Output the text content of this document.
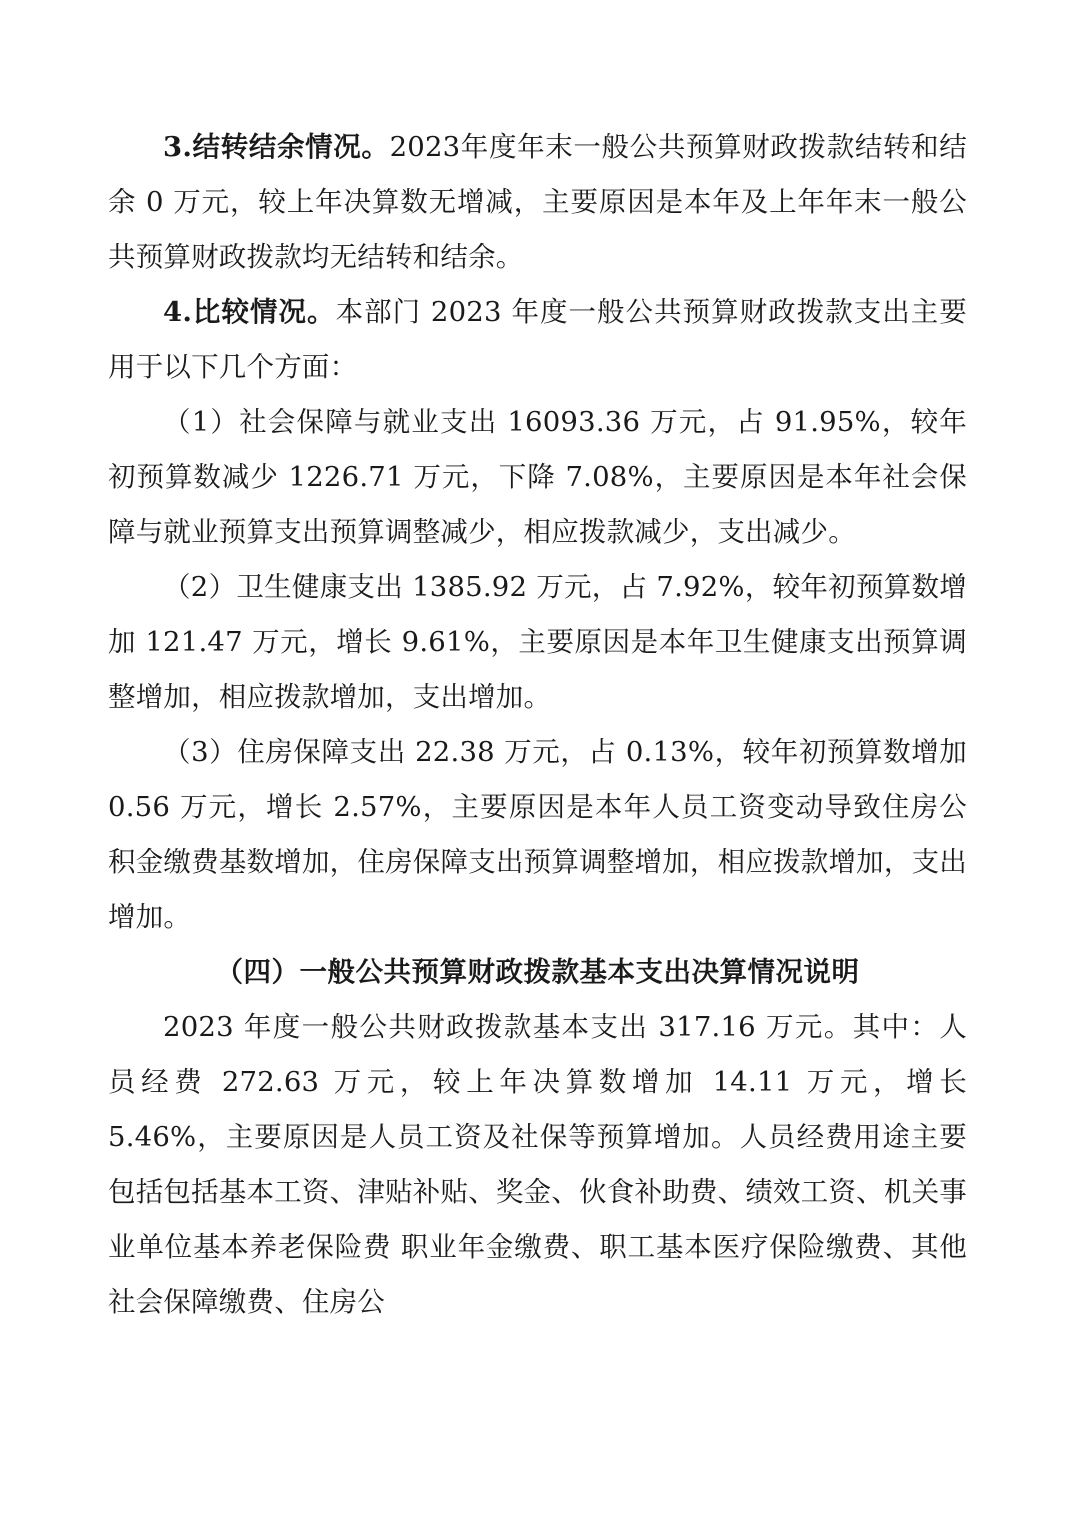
3.结转结余情况。2023年度年末一般公共预算财政拨款结转和结余 0 万元，较上年决算数无增减，主要原因是本年及上年年末一般公共预算财政拨款均无结转和结余。

4.比较情况。本部门 2023 年度一般公共预算财政拨款支出主要用于以下几个方面：

（1）社会保障与就业支出 16093.36 万元，占 91.95%，较年初预算数减少 1226.71 万元，下降 7.08%，主要原因是本年社会保障与就业预算支出预算调整减少，相应拨款减少，支出减少。

（2）卫生健康支出 1385.92 万元，占 7.92%，较年初预算数增加 121.47 万元，增长 9.61%，主要原因是本年卫生健康支出预算调整增加，相应拨款增加，支出增加。

（3）住房保障支出 22.38 万元，占 0.13%，较年初预算数增加 0.56 万元，增长 2.57%，主要原因是本年人员工资变动导致住房公积金缴费基数增加，住房保障支出预算调整增加，相应拨款增加，支出增加。

（四）一般公共预算财政拨款基本支出决算情况说明

2023 年度一般公共财政拨款基本支出 317.16 万元。其中：人员经费 272.63 万元，较上年决算数增加 14.11 万元，增长 5.46%，主要原因是人员工资及社保等预算增加。人员经费用途主要包括包括基本工资、津贴补贴、奖金、伙食补助费、绩效工资、机关事业单位基本养老保险费 职业年金缴费、职工基本医疗保险缴费、其他社会保障缴费、住房公
